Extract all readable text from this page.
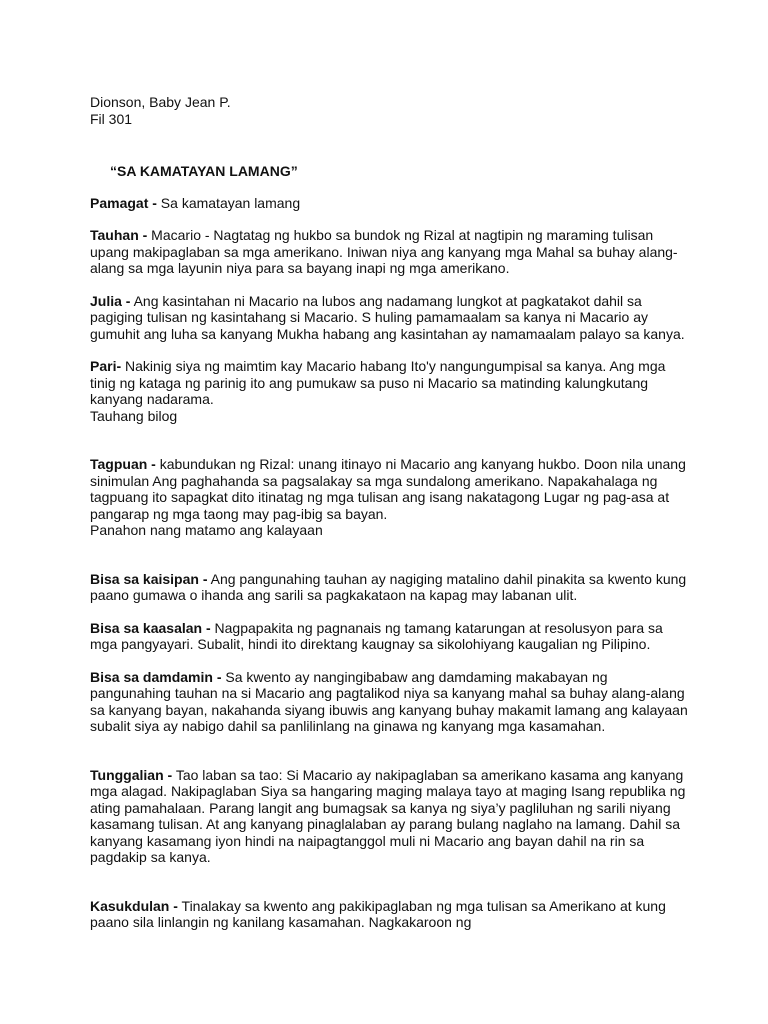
Dionson, Baby Jean P.

Fil 301

“SA KAMATAYAN LAMANG”

Pamagat - Sa kamatayan lamang

Tauhan - Macario - Nagtatag ng hukbo sa bundok ng Rizal at nagtipin ng maraming tulisan upang makipaglaban sa mga amerikano. Iniwan niya ang kanyang mga Mahal sa buhay alang-alang sa mga layunin niya para sa bayang inapi ng mga amerikano.

Julia - Ang kasintahan ni Macario na lubos ang nadamang lungkot at pagkatakot dahil sa pagiging tulisan ng kasintahang si Macario. S huling pamamaalam sa kanya ni Macario ay gumuhit ang luha sa kanyang Mukha habang ang kasintahan ay namamaalam palayo sa kanya.

Pari- Nakinig siya ng maimtim kay Macario habang Ito'y nangungumpisal sa kanya. Ang mga tinig ng kataga ng parinig ito ang pumukaw sa puso ni Macario sa matinding kalungkutang kanyang nadarama.

Tauhang bilog

Tagpuan - kabundukan ng Rizal: unang itinayo ni Macario ang kanyang hukbo. Doon nila unang sinimulan Ang paghahanda sa pagsalakay sa mga sundalong amerikano. Napakahalaga ng tagpuang ito sapagkat dito itinatag ng mga tulisan ang isang nakatagong Lugar ng pag-asa at pangarap ng mga taong may pag-ibig sa bayan.

Panahon nang matamo ang kalayaan

Bisa sa kaisipan - Ang pangunahing tauhan ay nagiging matalino dahil pinakita sa kwento kung paano gumawa o ihanda ang sarili sa pagkakataon na kapag may labanan ulit.

Bisa sa kaasalan - Nagpapakita ng pagnanais ng tamang katarungan at resolusyon para sa mga pangyayari. Subalit, hindi ito direktang kaugnay sa sikolohiyang kaugalian ng Pilipino.

Bisa sa damdamin - Sa kwento ay nangingibabaw ang damdaming makabayan ng pangunahing tauhan na si Macario ang pagtalikod niya sa kanyang mahal sa buhay alang-alang sa kanyang bayan, nakahanda siyang ibuwis ang kanyang buhay makamit lamang ang kalayaan subalit siya ay nabigo dahil sa panlilinlang na ginawa ng kanyang mga kasamahan.

Tunggalian - Tao laban sa tao: Si Macario ay nakipaglaban sa amerikano kasama ang kanyang mga alagad. Nakipaglaban Siya sa hangaring maging malaya tayo at maging Isang republika ng ating pamahalaan. Parang langit ang bumagsak sa kanya ng siya’y pagliluhan ng sarili niyang kasamang tulisan. At ang kanyang pinaglalaban ay parang bulang naglaho na lamang. Dahil sa kanyang kasamang iyon hindi na naipagtanggol muli ni Macario ang bayan dahil na rin sa pagdakip sa kanya.

Kasukdulan - Tinalakay sa kwento ang pakikipaglaban ng mga tulisan sa Amerikano at kung paano sila linlangin ng kanilang kasamahan. Nagkakaroon ng
